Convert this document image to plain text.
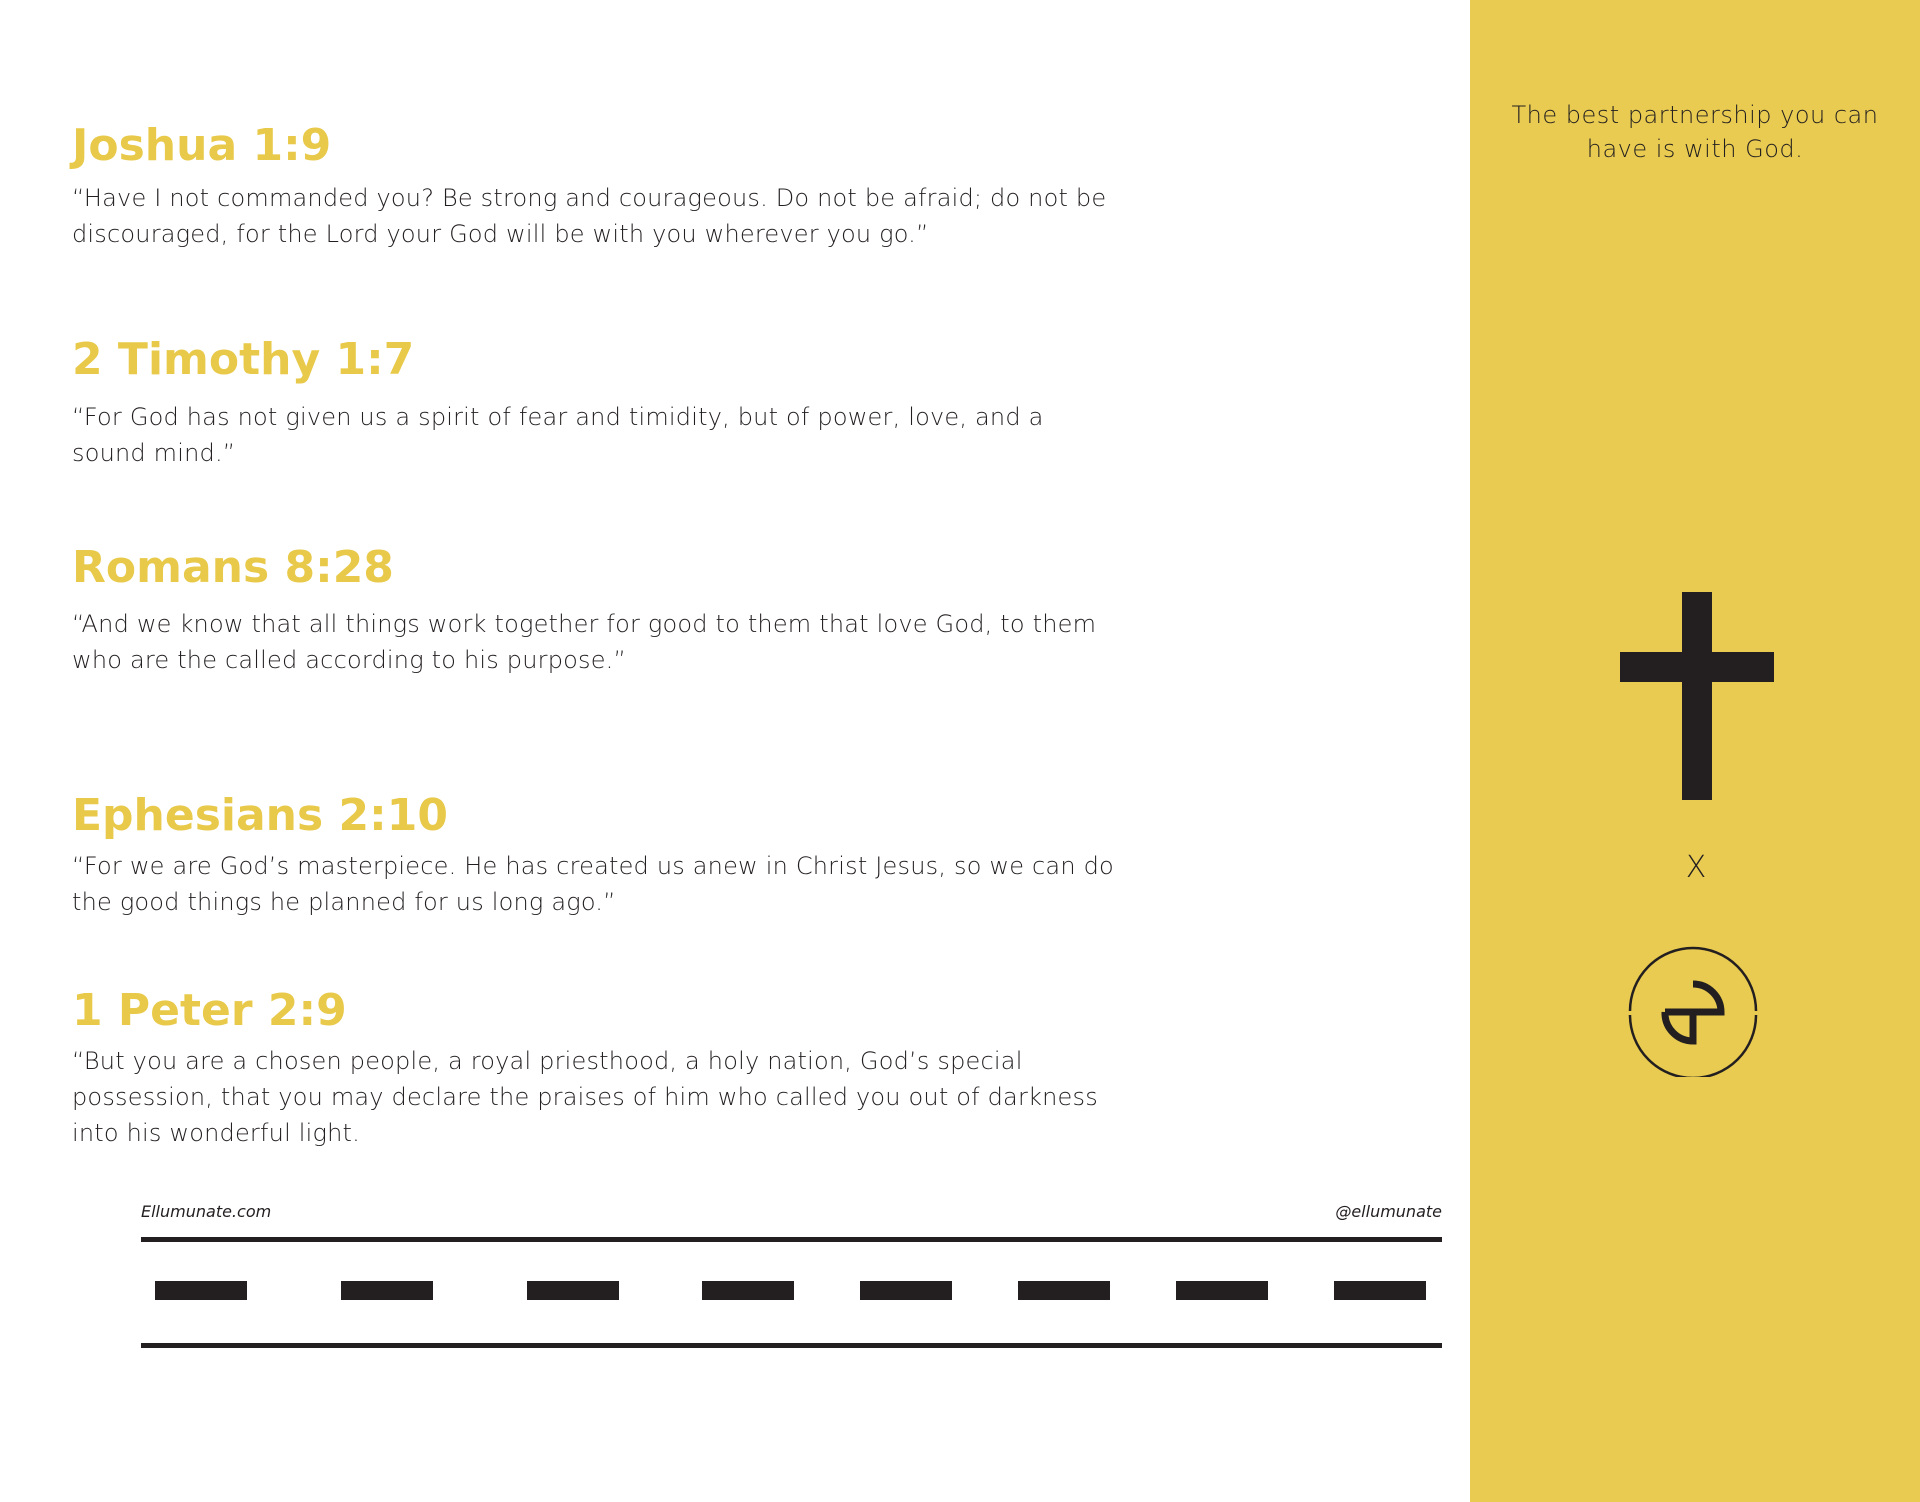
Joshua 1:9

“Have I not commanded you? Be strong and courageous. Do not be afraid; do not be discouraged, for the Lord your God will be with you wherever you go.”

2 Timothy 1:7

“For God has not given us a spirit of fear and timidity, but of power, love, and a sound mind.”

Romans 8:28

“And we know that all things work together for good to them that love God, to them who are the called according to his purpose.”

Ephesians 2:10

“For we are God’s masterpiece. He has created us anew in Christ Jesus, so we can do the good things he planned for us long ago.”

1 Peter 2:9

“But you are a chosen people, a royal priesthood, a holy nation, God’s special possession, that you may declare the praises of him who called you out of darkness into his wonderful light.

Ellumunate.com	@ellumunate

The best partnership you can have is with God.

X
